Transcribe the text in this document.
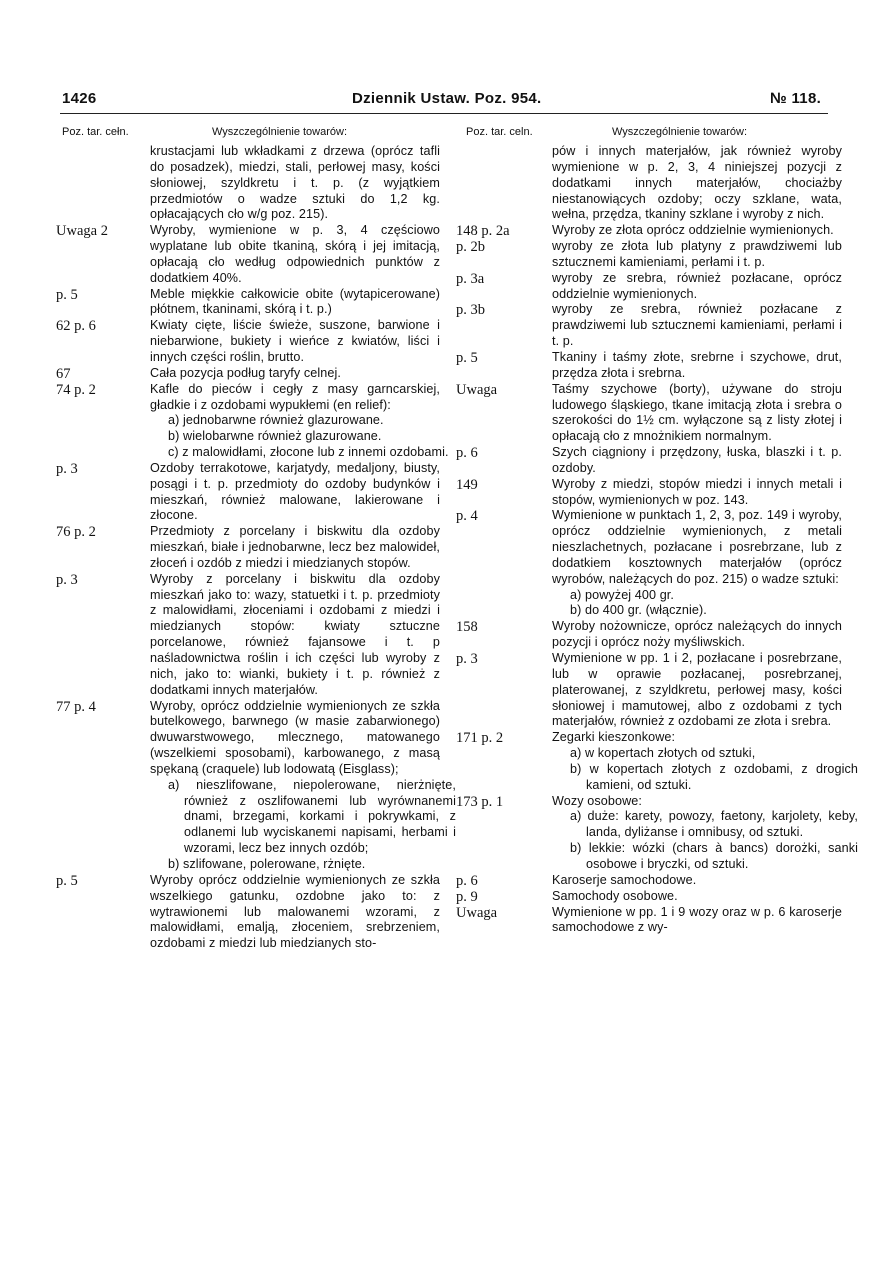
1426	Dziennik Ustaw. Poz. 954.	№ 118.
Poz. tar. cełn.	Wyszczególnienie towarów:	Poz. tar. celn.	Wyszczególnienie towarów:
krustacjami lub wkładkami z drzewa (oprócz tafli do posadzek), miedzi, stali, perłowej masy, kości słoniowej, szyldkretu i t. p. (z wyjątkiem przedmiotów o wadze sztuki do 1,2 kg. opłacających cło w/g poz. 215).
Uwaga 2	Wyroby, wymienione w p. 3, 4 częściowo wyplatane lub obite tkaniną, skórą i jej imitacją, opłacają cło według odpowiednich punktów z dodatkiem 40%.
p. 5	Meble miękkie całkowicie obite (wytapicerowane) płótnem, tkaninami, skórą i t. p.)
62 p. 6	Kwiaty cięte, liście świeże, suszone, barwione i niebarwione, bukiety i wieńce z kwiatów, liści i innych części roślin, brutto.
67	Cała pozycja podług taryfy celnej.
74 p. 2	Kafle do pieców i cegły z masy garncarskiej, gładkie i z ozdobami wypukłemi (en relief):
a) jednobarwne również glazurowane.
b) wielobarwne również glazurowane.
c) z malowidłami, złocone lub z innemi ozdobami.
p. 3	Ozdoby terrakotowe, karjatydy, medaljony, biusty, posągi i t. p. przedmioty do ozdoby budynków i mieszkań, również malowane, lakierowane i złocone.
76 p. 2	Przedmioty z porcelany i biskwitu dla ozdoby mieszkań, białe i jednobarwne, lecz bez malowideł, złoceń i ozdób z miedzi i miedzianych stopów.
p. 3	Wyroby z porcelany i biskwitu dla ozdoby mieszkań jako to: wazy, statuetki i t. p. przedmioty z malowidłami, złoceniami i ozdobami z miedzi i miedzianych stopów: kwiaty sztuczne porcelanowe, również fajansowe i t. p naśladownictwa roślin i ich części lub wyroby z nich, jako to: wianki, bukiety i t. p. również z dodatkami innych materjałów.
77 p. 4	Wyroby, oprócz oddzielnie wymienionych ze szkła butelkowego, barwnego (w masie zabarwionego) dwuwarstwowego, mlecznego, matowanego (wszelkiemi sposobami), karbowanego, z masą spękaną (craquele) lub lodowatą (Eisglass);
a) nieszlifowane, niepolerowane, nierżnięte, również z oszlifowanemi lub wyrównanemi dnami, brzegami, korkami i pokrywkami, z odlanemi lub wyciskanemi napisami, herbami i wzorami, lecz bez innych ozdób;
b) szlifowane, polerowane, rżnięte.
p. 5	Wyroby oprócz oddzielnie wymienionych ze szkła wszelkiego gatunku, ozdobne jako to: z wytrawionemi lub malowanemi wzorami, z malowidłami, emalją, złoceniem, srebrzeniem, ozdobami z miedzi lub miedzianych sto-
pów i innych materjałów, jak również wyroby wymienione w p. 2, 3, 4 niniejszej pozycji z dodatkami innych materjałów, chociażby niestanowiących ozdoby; oczy szklane, wata, wełna, przędza, tkaniny szklane i wyroby z nich.
148 p. 2a	Wyroby ze złota oprócz oddzielnie wymienionych.
p. 2b	wyroby ze złota lub platyny z prawdziwemi lub sztucznemi kamieniami, perłami i t. p.
p. 3a	wyroby ze srebra, również pozłacane, oprócz oddzielnie wymienionych.
p. 3b	wyroby ze srebra, również pozłacane z prawdziwemi lub sztucznemi kamieniami, perłami i t. p.
p. 5	Tkaniny i taśmy złote, srebrne i szychowe, drut, przędza złota i srebrna.
Uwaga	Taśmy szychowe (borty), używane do stroju ludowego śląskiego, tkane imitacją złota i srebra o szerokości do 1½ cm. wyłączone są z listy złotej i opłacają cło z mnożnikiem normalnym.
p. 6	Szych ciągniony i przędzony, łuska, blaszki i t. p. ozdoby.
149	Wyroby z miedzi, stopów miedzi i innych metali i stopów, wymienionych w poz. 143.
p. 4	Wymienione w punktach 1, 2, 3, poz. 149 i wyroby, oprócz oddzielnie wymienionych, z metali nieszlachetnych, pozłacane i posrebrzane, lub z dodatkiem kosztownych materjałów (oprócz wyrobów, należących do poz. 215) o wadze sztuki:
a) powyżej 400 gr.
b) do 400 gr. (włącznie).
158	Wyroby nożownicze, oprócz należących do innych pozycji i oprócz noży myśliwskich.
p. 3	Wymienione w pp. 1 i 2, pozłacane i posrebrzane, lub w oprawie pozłacanej, posrebrzanej, platerowanej, z szyldkretu, perłowej masy, kości słoniowej i mamutowej, albo z ozdobami z tych materjałów, również z ozdobami ze złota i srebra.
171 p. 2	Zegarki kieszonkowe:
a) w kopertach złotych od sztuki,
b) w kopertach złotych z ozdobami, z drogich kamieni, od sztuki.
173 p. 1	Wozy osobowe:
a) duże: karety, powozy, faetony, karjolety, keby, landa, dyliżanse i omnibusy, od sztuki.
b) lekkie: wózki (chars à bancs) dorożki, sanki osobowe i bryczki, od sztuki.
p. 6	Karoserje samochodowe.
p. 9	Samochody osobowe.
Uwaga	Wymienione w pp. 1 i 9 wozy oraz w p. 6 karoserje samochodowe z wy-
